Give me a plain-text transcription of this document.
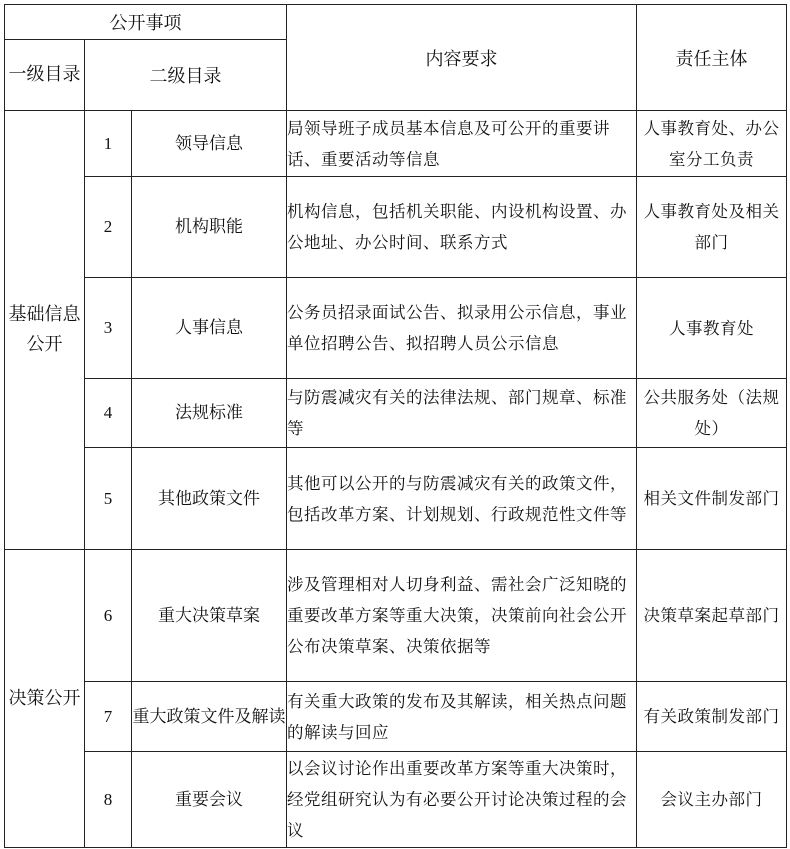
公开事项			内容要求	责任主体
一级目录	二级目录			
基础信息公开	1	领导信息	局领导班子成员基本信息及可公开的重要讲话、重要活动等信息	人事教育处、办公室分工负责
	2	机构职能	机构信息，包括机关职能、内设机构设置、办公地址、办公时间、联系方式	人事教育处及相关部门
	3	人事信息	公务员招录面试公告、拟录用公示信息，事业单位招聘公告、拟招聘人员公示信息	人事教育处
	4	法规标准	与防震减灾有关的法律法规、部门规章、标准等	公共服务处（法规处）
	5	其他政策文件	其他可以公开的与防震减灾有关的政策文件，包括改革方案、计划规划、行政规范性文件等	相关文件制发部门
决策公开	6	重大决策草案	涉及管理相对人切身利益、需社会广泛知晓的重要改革方案等重大决策，决策前向社会公开公布决策草案、决策依据等	决策草案起草部门
	7	重大政策文件及解读	有关重大政策的发布及其解读，相关热点问题的解读与回应	有关政策制发部门
	8	重要会议	以会议讨论作出重要改革方案等重大决策时，经党组研究认为有必要公开讨论决策过程的会议	会议主办部门
